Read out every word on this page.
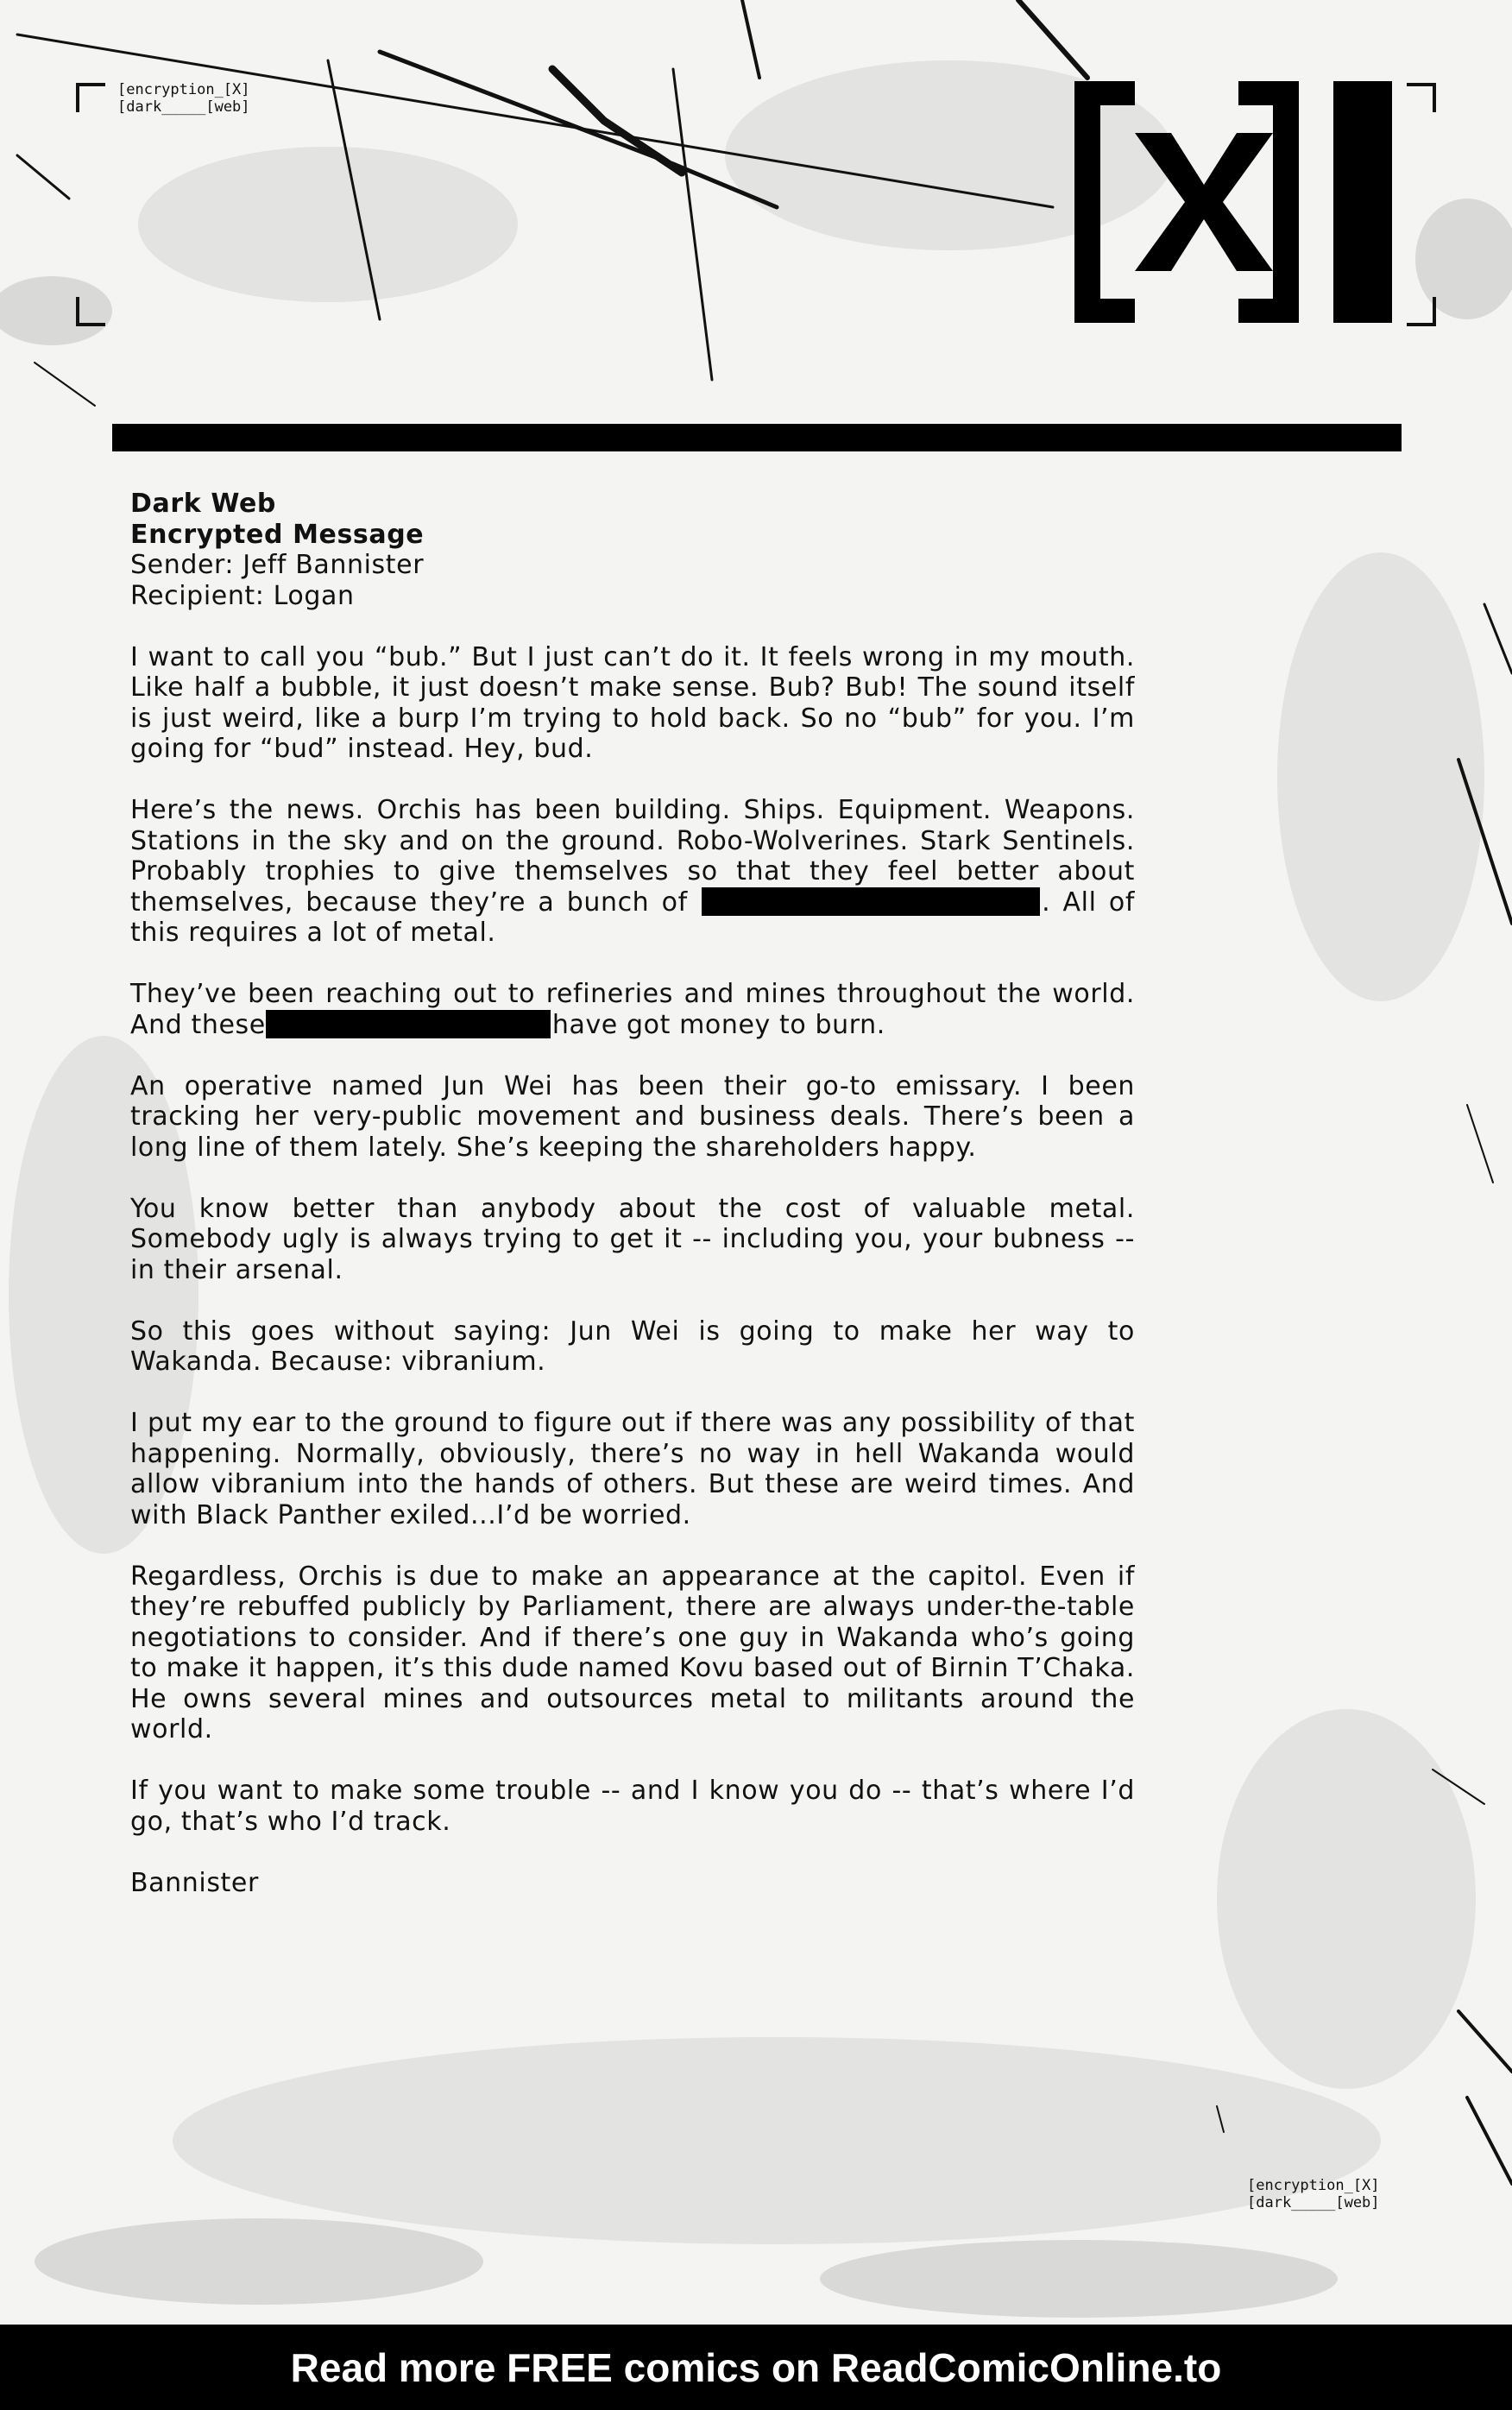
[encryption_[X]
[dark_____[web]

Dark Web

Encrypted Message

Sender: Jeff Bannister

Recipient: Logan

I want to call you “bub.” But I just can’t do it. It feels wrong in my mouth. Like half a bubble, it just doesn’t make sense. Bub? Bub! The sound itself is just weird, like a burp I’m trying to hold back. So no “bub” for you. I’m going for “bud” instead. Hey, bud.

Here’s the news. Orchis has been building. Ships. Equipment. Weapons. Stations in the sky and on the ground. Robo-Wolverines. Stark Sentinels. Probably trophies to give themselves so that they feel better about themselves, because they’re a bunch of	. All of this requires a lot of metal.

They’ve been reaching out to refineries and mines throughout the world. And these	have got money to burn.

An operative named Jun Wei has been their go-to emissary. I been tracking her very-public movement and business deals. There’s been a long line of them lately. She’s keeping the shareholders happy.

You know better than anybody about the cost of valuable metal. Somebody ugly is always trying to get it -- including you, your bubness -- in their arsenal.

So this goes without saying: Jun Wei is going to make her way to Wakanda. Because: vibranium.

I put my ear to the ground to figure out if there was any possibility of that happening. Normally, obviously, there’s no way in hell Wakanda would allow vibranium into the hands of others. But these are weird times. And with Black Panther exiled...I’d be worried.

Regardless, Orchis is due to make an appearance at the capitol. Even if they’re rebuffed publicly by Parliament, there are always under-the-table negotiations to consider. And if there’s one guy in Wakanda who’s going to make it happen, it’s this dude named Kovu based out of Birnin T’Chaka. He owns several mines and outsources metal to militants around the world.

If you want to make some trouble -- and I know you do -- that’s where I’d go, that’s who I’d track.

Bannister

[encryption_[X]
[dark_____[web]
Read more FREE comics on ReadComicOnline.to
